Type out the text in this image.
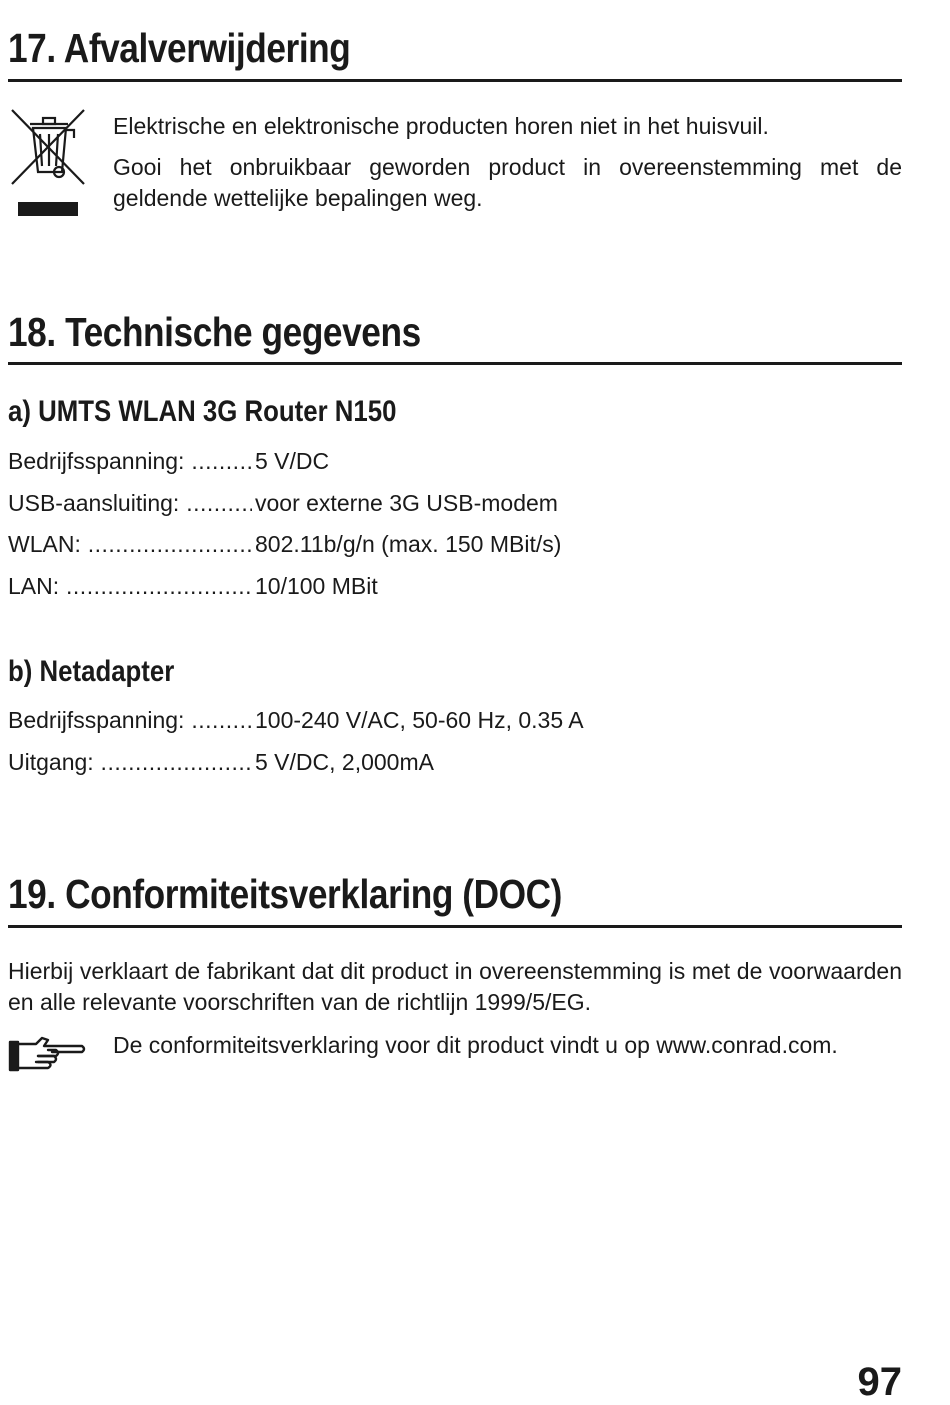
17. Afvalverwijdering

Elektrische en elektronische producten horen niet in het huisvuil.

Gooi het onbruikbaar geworden product in overeenstemming met de geldende wettelijke bepalingen weg.

18. Technische gegevens
a) UMTS WLAN 3G Router N150
Bedrijfsspanning: .....	5 V/DC
USB-aansluiting: .....	voor externe 3G USB-modem
WLAN: .....	802.11b/g/n (max. 150 MBit/s)
LAN: .....	10/100 MBit
b) Netadapter
Bedrijfsspanning: .....	100-240 V/AC, 50-60 Hz, 0.35 A
Uitgang: .....	5 V/DC, 2,000mA
19. Conformiteitsverklaring (DOC)

Hierbij verklaart de fabrikant dat dit product in overeenstemming is met de voorwaarden en alle relevante voorschriften van de richtlijn 1999/5/EG.

De conformiteitsverklaring voor dit product vindt u op www.conrad.com.

97
